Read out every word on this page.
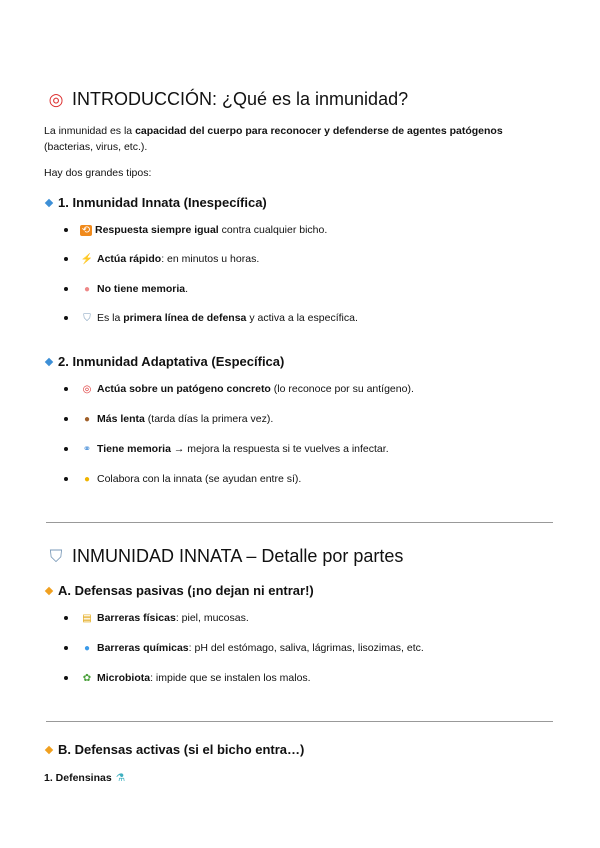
◎ INTRODUCCIÓN: ¿Qué es la inmunidad?
La inmunidad es la capacidad del cuerpo para reconocer y defenderse de agentes patógenos
(bacterias, virus, etc.).
Hay dos grandes tipos:
1. Inmunidad Innata (Inespecífica)
⟲ Respuesta siempre igual contra cualquier bicho.
⚡ Actúa rápido : en minutos u horas.
● No tiene memoria .
⛉ Es la primera línea de defensa y activa a la específica.
2. Inmunidad Adaptativa (Específica)
◎ Actúa sobre un patógeno concreto (lo reconoce por su antígeno).
● Más lenta (tarda días la primera vez).
⚭ Tiene memoria → mejora la respuesta si te vuelves a infectar.
● Colabora con la innata (se ayudan entre sí).
⛉ INMUNIDAD INNATA – Detalle por partes
A. Defensas pasivas (¡no dejan ni entrar!)
▤ Barreras físicas : piel, mucosas.
● Barreras químicas : pH del estómago, saliva, lágrimas, lisozimas, etc.
✿ Microbiota : impide que se instalen los malos.
B. Defensas activas (si el bicho entra…)
1. Defensinas ⚗
